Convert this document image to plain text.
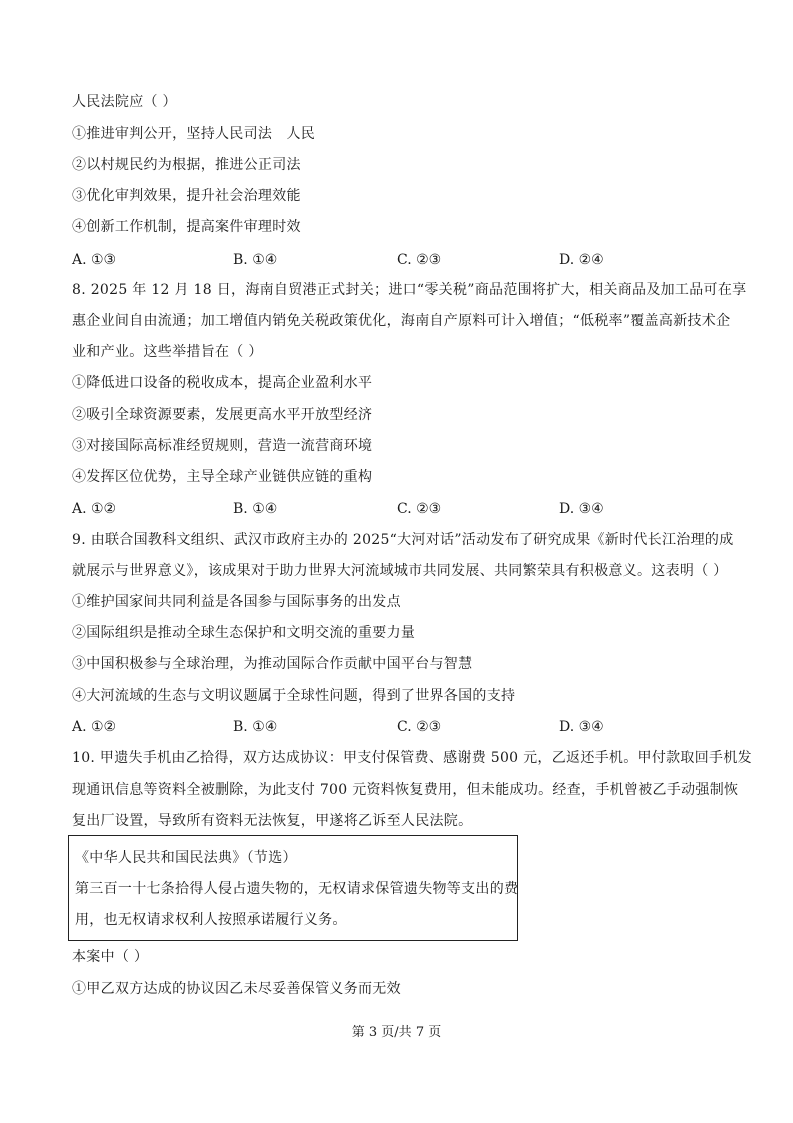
人民法院应（ ）
①推进审判公开，坚持人民司法　人民
②以村规民约为根据，推进公正司法
③优化审判效果，提升社会治理效能
④创新工作机制，提高案件审理时效
A. ①③	B. ①④	C. ②③	D. ②④
8. 2025 年 12 月 18 日，海南自贸港正式封关；进口“零关税”商品范围将扩大，相关商品及加工品可在享
惠企业间自由流通；加工增值内销免关税政策优化，海南自产原料可计入增值；“低税率”覆盖高新技术企
业和产业。这些举措旨在（ ）
①降低进口设备的税收成本，提高企业盈利水平
②吸引全球资源要素，发展更高水平开放型经济
③对接国际高标准经贸规则，营造一流营商环境
④发挥区位优势，主导全球产业链供应链的重构
A. ①②	B. ①④	C. ②③	D. ③④
9. 由联合国教科文组织、武汉市政府主办的 2025“大河对话”活动发布了研究成果《新时代长江治理的成
就展示与世界意义》，该成果对于助力世界大河流域城市共同发展、共同繁荣具有积极意义。这表明（ ）
①维护国家间共同利益是各国参与国际事务的出发点
②国际组织是推动全球生态保护和文明交流的重要力量
③中国积极参与全球治理，为推动国际合作贡献中国平台与智慧
④大河流域的生态与文明议题属于全球性问题，得到了世界各国的支持
A. ①②	B. ①④	C. ②③	D. ③④
10. 甲遗失手机由乙拾得，双方达成协议：甲支付保管费、感谢费 500 元，乙返还手机。甲付款取回手机发
现通讯信息等资料全被删除，为此支付 700 元资料恢复费用，但未能成功。经查，手机曾被乙手动强制恢
复出厂设置，导致所有资料无法恢复，甲遂将乙诉至人民法院。
《中华人民共和国民法典》（节选）
第三百一十七条拾得人侵占遗失物的，无权请求保管遗失物等支出的费
用，也无权请求权利人按照承诺履行义务。
本案中（ ）
①甲乙双方达成的协议因乙未尽妥善保管义务而无效
第 3 页/共 7 页
